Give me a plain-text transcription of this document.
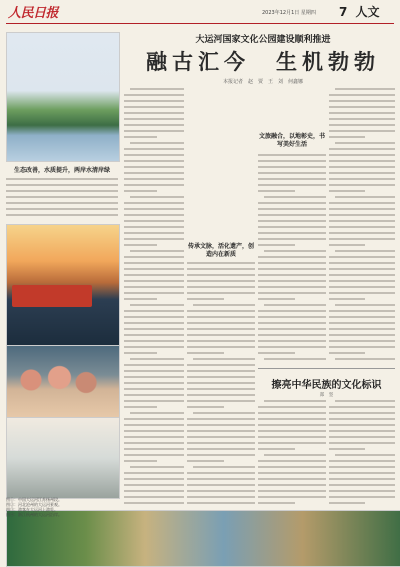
人民日报	2023年12月1日 星期四 7 人文
生态改善，水质提升，两岸水清岸绿
大运河国家文化公园建设顺利推进
融古汇今　生机勃勃
本报记者　赵　贾　王　刘　何鑫娜
传承文脉，活化遗产，创造内在新质
文旅融合，以地彰史，书写美好生活
擦亮中华民族的文化标识
郑　坚
图①：中国大运河江苏扬州段。
图②：河北沧州的大运河景观。
图③：游客在大运河上游览。
图④：浙江杭州的大运河沿岸。
